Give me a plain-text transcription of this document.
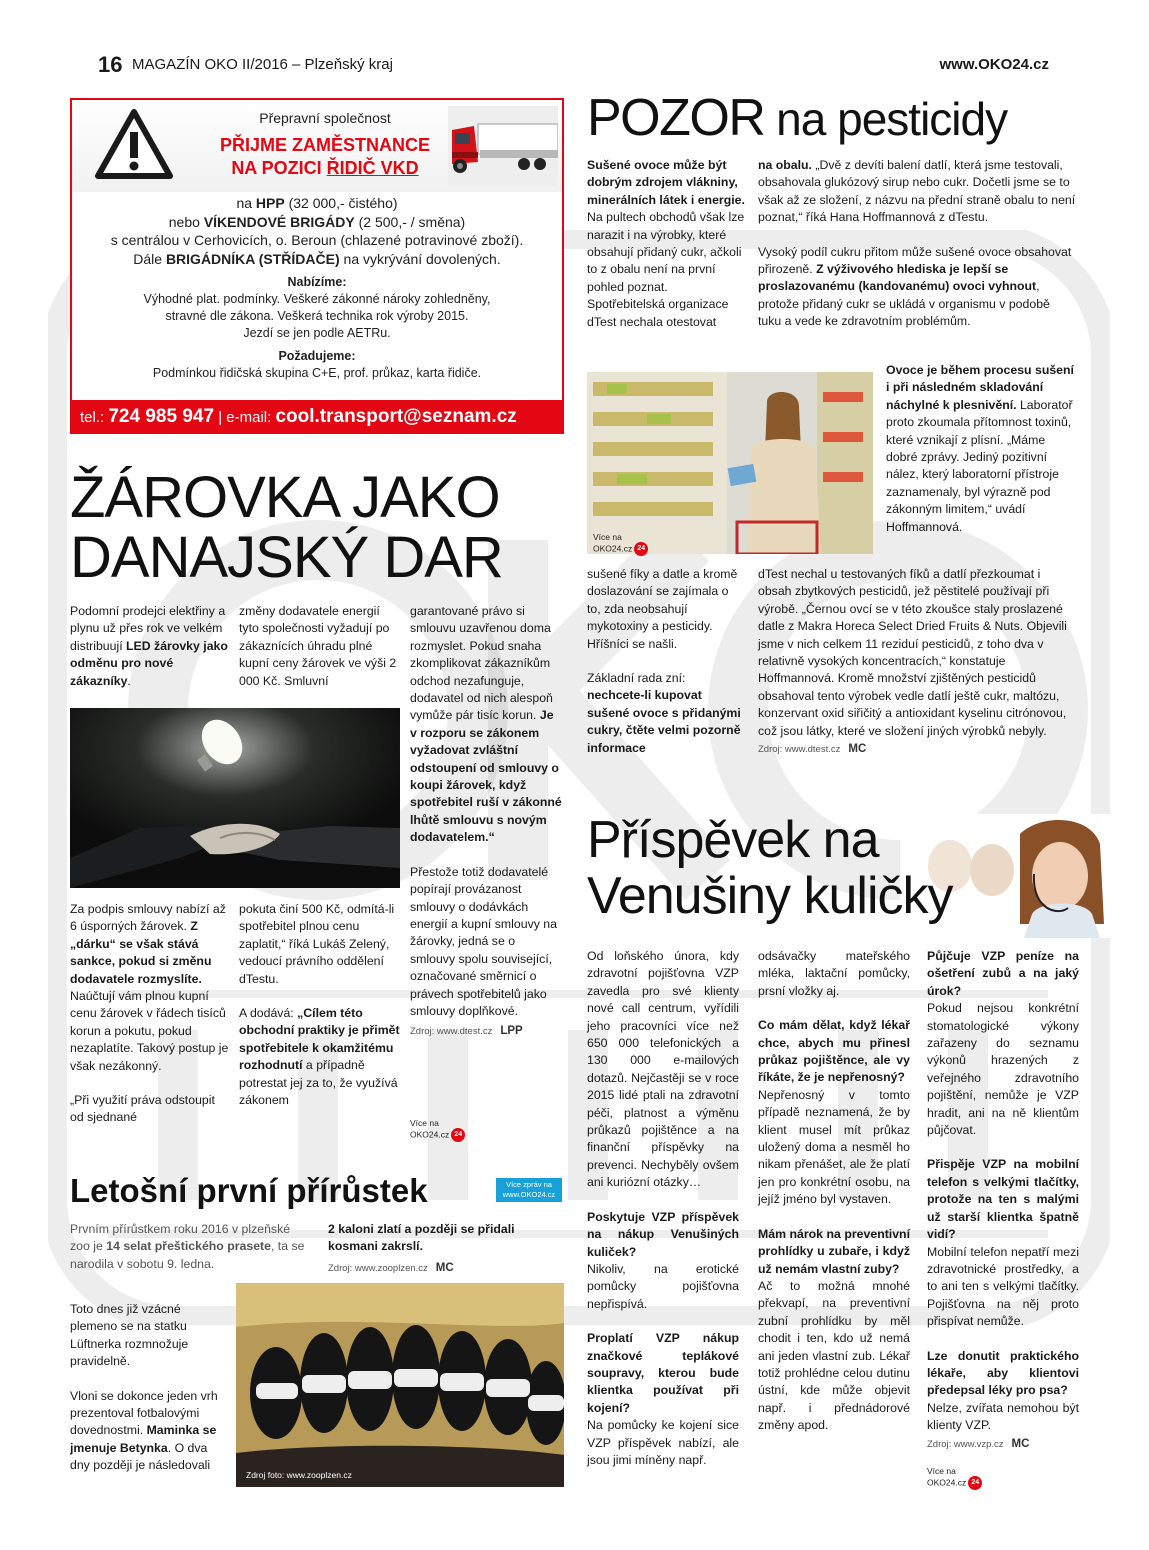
16 MAGAZÍN OKO II/2016 – Plzeňský kraj	www.OKO24.cz
Přepravní společnost
PŘIJME ZAMĚSTNANCE
NA POZICI ŘIDIČ VKD
na HPP (32 000,- čistého)
nebo VÍKENDOVÉ BRIGÁDY (2 500,- / směna)
s centrálou v Cerhovicích, o. Beroun (chlazené potravinové zboží).
Dále BRIGÁDNÍKA (STŘÍDAČE) na vykrývání dovolených.
Nabízíme:
Výhodné plat. podmínky. Veškeré zákonné nároky zohledněny,
stravné dle zákona. Veškerá technika rok výroby 2015.
Jezdí se jen podle AETRu.
Požadujeme:
Podmínkou řidičská skupina C+E, prof. průkaz, karta řidiče.
tel.: 724 985 947 | e-mail: cool.transport@seznam.cz
ŽÁROVKA JAKO
DANAJSKÝ DAR

Podomní prodejci elektřiny a plynu už přes rok ve velkém distribuují LED žárovky jako odměnu pro nové zákazníky.

změny dodavatele energií tyto společnosti vyžadují po zákaznících úhradu plné kupní ceny žárovek ve výši 2 000 Kč. Smluvní

garantované právo si smlouvu uzavřenou doma rozmyslet. Pokud snaha zkomplikovat zákazníkům odchod nezafunguje, dodavatel od nich alespoň vymůže pár tisíc korun. Je v rozporu se zákonem vyžadovat zvláštní odstoupení od smlouvy o koupi žárovek, když spotřebitel ruší v zákonné lhůtě smlouvu s novým dodavatelem.“

Přestože totiž dodavatelé popírají provázanost smlouvy o dodávkách energií a kupní smlouvy na žárovky, jedná se o smlouvy spolu související, označované směrnicí o právech spotřebitelů jako smlouvy doplňkové.

Zdroj: www.dtest.cz LPP

Za podpis smlouvy nabízí až 6 úsporných žárovek. Z „dárku“ se však stává sankce, pokud si změnu dodavatele rozmyslíte. Naúčtují vám plnou kupní cenu žárovek v řádech tisíců korun a pokutu, pokud nezaplatíte. Takový postup je však nezákonný.

„Při využití práva odstoupit od sjednané

pokuta činí 500 Kč, odmítá-li spotřebitel plnou cenu zaplatit,“ říká Lukáš Zelený, vedoucí právního oddělení dTestu.

A dodává: „Cílem této obchodní praktiky je přimět spotřebitele k okamžitému rozhodnutí a případně potrestat jej za to, že využívá zákonem

Více na
OKO24.cz 24
Letošní první přírůstek	Více zpráv na
www.OKO24.cz

Prvním přírůstkem roku 2016 v plzeňské zoo je 14 selat přeštického prasete, ta se narodila v sobotu 9. ledna.

2 kaloni zlatí a později se přidali kosmani zakrslí.

Zdroj: www.zooplzen.cz MC

Toto dnes již vzácné plemeno se na statku Lüftnerka rozmnožuje pravidelně.

Vloni se dokonce jeden vrh prezentoval fotbalovými dovednostmi. Maminka se jmenuje Betynka. O dva dny později je následovali

Zdroj foto: www.zooplzen.cz
POZOR na pesticidy

Sušené ovoce může být dobrým zdrojem vlákniny, minerálních látek i energie. Na pultech obchodů však lze narazit i na výrobky, které obsahují přidaný cukr, ačkoli to z obalu není na první pohled poznat. Spotřebitelská organizace dTest nechala otestovat

na obalu. „Dvě z devíti balení datlí, která jsme testovali, obsahovala glukózový sirup nebo cukr. Dočetli jsme se to však až ze složení, z názvu na přední straně obalu to není poznat,“ říká Hana Hoffmannová z dTestu.

Vysoký podíl cukru přitom může sušené ovoce obsahovat přirozeně. Z výživového hlediska je lepší se proslazovanému (kandovanému) ovoci vyhnout, protože přidaný cukr se ukládá v organismu v podobě tuku a vede ke zdravotním problémům.

Více na
OKO24.cz 24

Ovoce je během procesu sušení i při následném skladování náchylné k plesnivění. Laboratoř proto zkoumala přítomnost toxinů, které vznikají z plísní. „Máme dobré zprávy. Jediný pozitivní nález, který laboratorní přístroje zaznamenaly, byl výrazně pod zákonným limitem,“ uvádí Hoffmannová.

sušené fíky a datle a kromě doslazování se zajímala o to, zda neobsahují mykotoxiny a pesticidy. Hříšníci se našli.

Základní rada zní: nechcete-li kupovat sušené ovoce s přidanými cukry, čtěte velmi pozorně informace

dTest nechal u testovaných fíků a datlí přezkoumat i obsah zbytkových pesticidů, jež pěstitelé používají při výrobě. „Černou ovcí se v této zkoušce staly proslazené datle z Makra Horeca Select Dried Fruits & Nuts. Objevili jsme v nich celkem 11 reziduí pesticidů, z toho dva v relativně vysokých koncentracích,“ konstatuje Hoffmannová. Kromě množství zjištěných pesticidů obsahoval tento výrobek vedle datlí ještě cukr, maltózu, konzervant oxid siřičitý a antioxidant kyselinu citrónovou, což jsou látky, které ve složení jiných výrobků nebyly.

Zdroj: www.dtest.cz MC
Příspěvek na
Venušiny kuličky

Od loňského února, kdy zdravotní pojišťovna VZP zavedla pro své klienty nové call centrum, vyřídili jeho pracovníci více než 650 000 telefonických a 130 000 e-mailových dotazů. Nejčastěji se v roce 2015 lidé ptali na zdravotní péči, platnost a výměnu průkazů pojištěnce a na finanční příspěvky na prevenci. Nechyběly ovšem ani kuriózní otázky…

Poskytuje VZP příspěvek na nákup Venušiných kuliček?
Nikoliv, na erotické pomůcky pojišťovna nepřispívá.

Proplatí VZP nákup značkové teplákové soupravy, kterou bude klientka používat při kojení?
Na pomůcky ke kojení sice VZP příspěvek nabízí, ale jsou jimi míněny např.

odsávačky mateřského mléka, laktační pomůcky, prsní vložky aj.

Co mám dělat, když lékař chce, abych mu přinesl průkaz pojištěnce, ale vy říkáte, že je nepřenosný?
Nepřenosný v tomto případě neznamená, že by klient musel mít průkaz uložený doma a nesměl ho nikam přenášet, ale že platí jen pro konkrétní osobu, na jejíž jméno byl vystaven.

Mám nárok na preventivní prohlídky u zubaře, i když už nemám vlastní zuby?
Ač to možná mnohé překvapí, na preventivní zubní prohlídku by měl chodit i ten, kdo už nemá ani jeden vlastní zub. Lékař totiž prohlédne celou dutinu ústní, kde může objevit např. i přednádorové změny apod.

Půjčuje VZP peníze na ošetření zubů a na jaký úrok?
Pokud nejsou konkrétní stomatologické výkony zařazeny do seznamu výkonů hrazených z veřejného zdravotního pojištění, nemůže je VZP hradit, ani na ně klientům půjčovat.

Přispěje VZP na mobilní telefon s velkými tlačítky, protože na ten s malými už starší klientka špatně vidí?
Mobilní telefon nepatří mezi zdravotnické prostředky, a to ani ten s velkými tlačítky. Pojišťovna na něj proto přispívat nemůže.

Lze donutit praktického lékaře, aby klientovi předepsal léky pro psa?
Nelze, zvířata nemohou být klienty VZP.

Zdroj: www.vzp.cz MC
Více na
OKO24.cz 24
